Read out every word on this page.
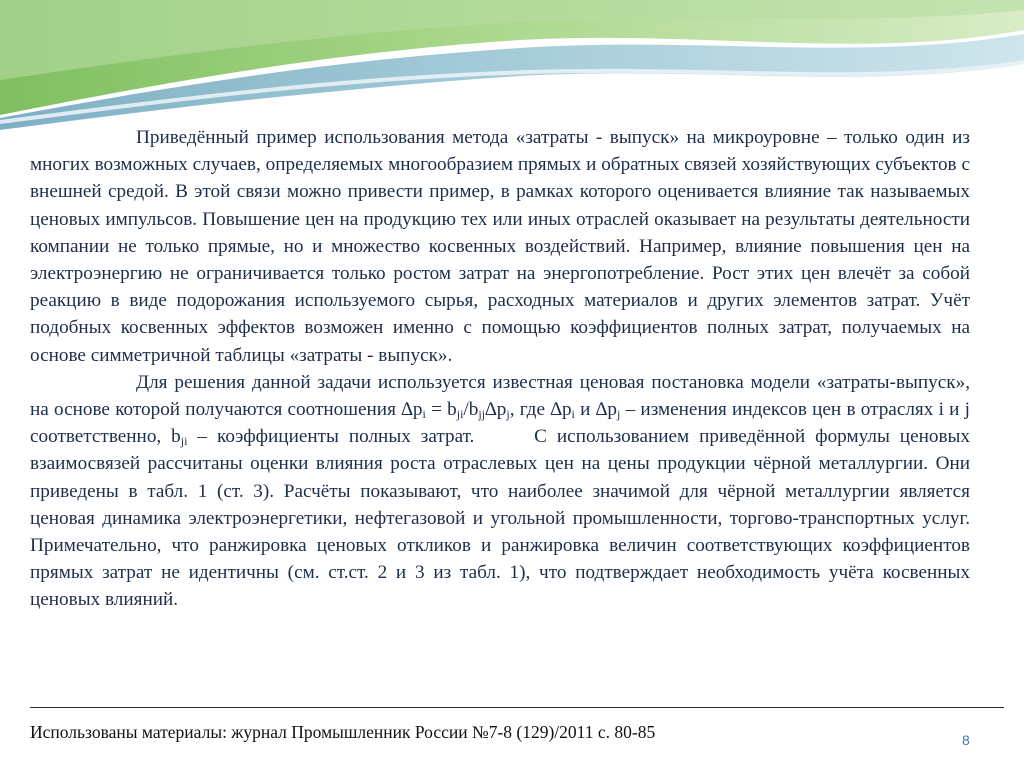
Приведённый пример использования метода «затраты - выпуск» на микроуровне – только один из многих возможных случаев, определяемых многообразием прямых и обратных связей хозяйствующих субъектов с внешней средой. В этой связи можно привести пример, в рамках которого оценивается влияние так называемых ценовых импульсов. Повышение цен на продукцию тех или иных отраслей оказывает на результаты деятельности компании не только прямые, но и множество косвенных воздействий. Например, влияние повышения цен на электроэнергию не ограничивается только ростом затрат на энергопотребление. Рост этих цен влечёт за собой реакцию в виде подорожания используемого сырья, расходных материалов и других элементов затрат. Учёт подобных косвенных эффектов возможен именно с помощью коэффициентов полных затрат, получаемых на основе симметричной таблицы «затраты - выпуск».

Для решения данной задачи используется известная ценовая постановка модели «затраты-выпуск», на основе которой получаются соотношения $\Delta p_i = b_{ji}/b_{jj}\Delta p_j$, где $\Delta p_i$ и $\Delta p_j$ – изменения индексов цен в отраслях i и j соответственно, $b_{ji}$ – коэффициенты полных затрат.	С использованием приведённой формулы ценовых взаимосвязей рассчитаны оценки влияния роста отраслевых цен на цены продукции чёрной металлургии. Они приведены в табл. 1 (ст. 3). Расчёты показывают, что наиболее значимой для чёрной металлургии является ценовая динамика электроэнергетики, нефтегазовой и угольной промышленности, торгово-транспортных услуг. Примечательно, что ранжировка ценовых откликов и ранжировка величин соответствующих коэффициентов прямых затрат не идентичны (см. ст.ст. 2 и 3 из табл. 1), что подтверждает необходимость учёта косвенных ценовых влияний.

Использованы материалы: журнал Промышленник России №7-8 (129)/2011 с. 80-85	8
